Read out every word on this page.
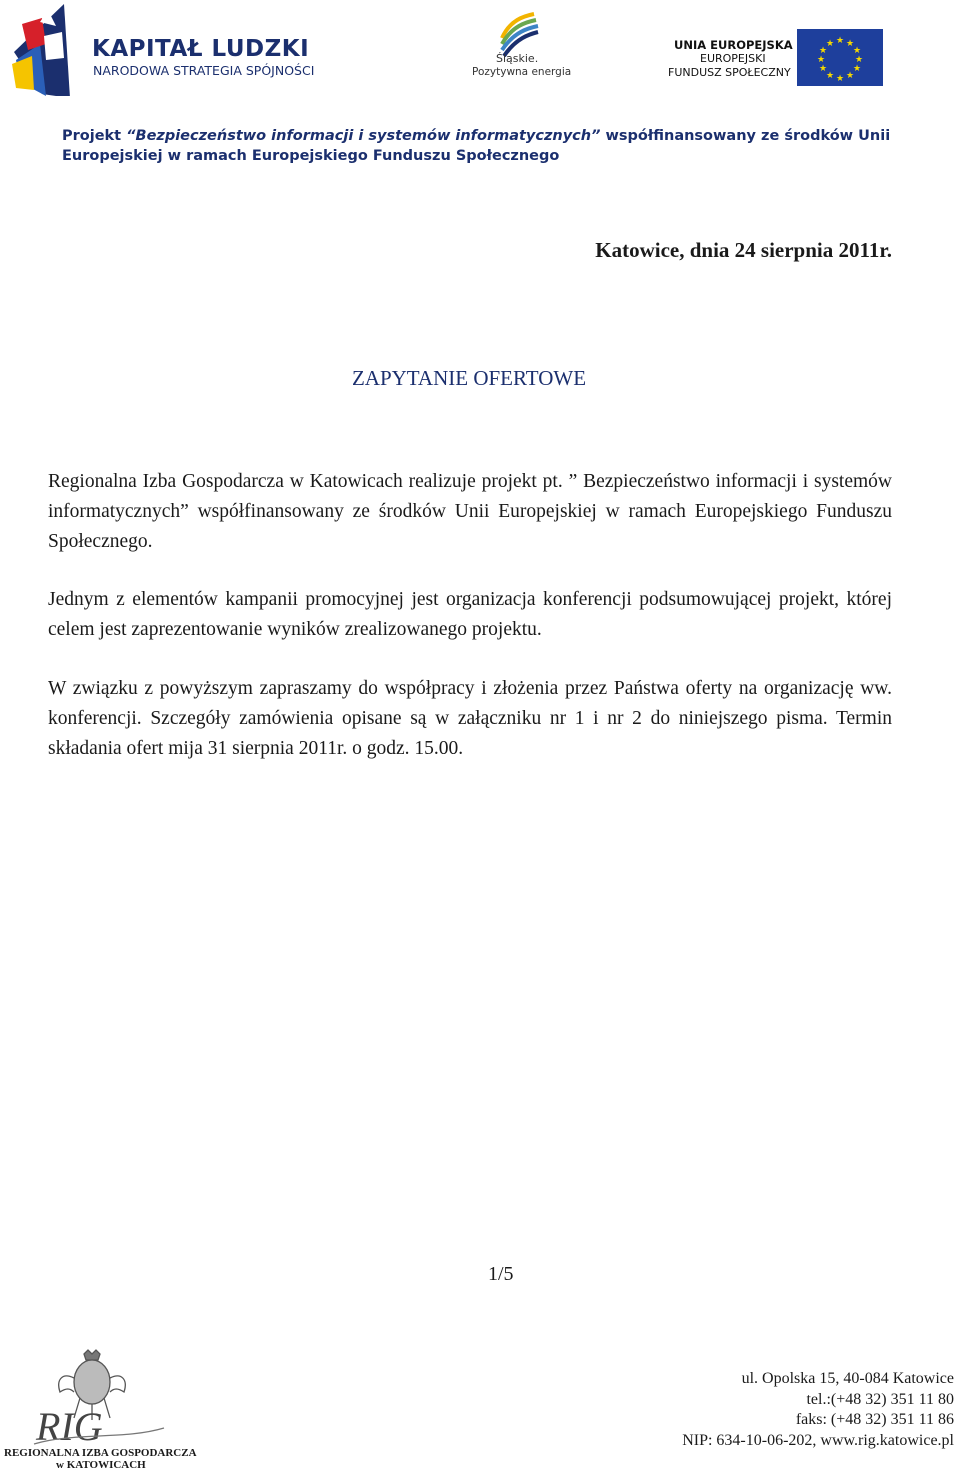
KAPITAŁ LUDZKI
NARODOWA STRATEGIA SPÓJNOŚCI
Śląskie.
Pozytywna energia
UNIA EUROPEJSKA
EUROPEJSKI
FUNDUSZ SPOŁECZNY
★ ★
★
★
★
★
★
★
★
★
★
★
Projekt “Bezpieczeństwo informacji i systemów informatycznych” współfinansowany ze środków Unii Europejskiej w ramach Europejskiego Funduszu Społecznego
Katowice, dnia 24 sierpnia 2011r.
ZAPYTANIE OFERTOWE
Regionalna Izba Gospodarcza w Katowicach realizuje projekt pt. ” Bezpieczeństwo informacji i systemów informatycznych” współfinansowany ze środków Unii Europejskiej w ramach Europejskiego Funduszu Społecznego.
Jednym z elementów kampanii promocyjnej jest organizacja konferencji podsumowującej projekt, której celem jest zaprezentowanie wyników zrealizowanego projektu.
W związku z powyższym zapraszamy do współpracy i złożenia przez Państwa oferty na organizację ww. konferencji. Szczegóły zamówienia opisane są w załączniku nr 1 i nr 2 do niniejszego pisma. Termin składania ofert mija 31 sierpnia 2011r. o godz. 15.00.
1/5
RIG
REGIONALNA IZBA GOSPODARCZA
w KATOWICACH
ul. Opolska 15, 40-084 Katowice
tel.:(+48 32) 351 11 80
faks: (+48 32) 351 11 86
NIP: 634-10-06-202, www.rig.katowice.pl
